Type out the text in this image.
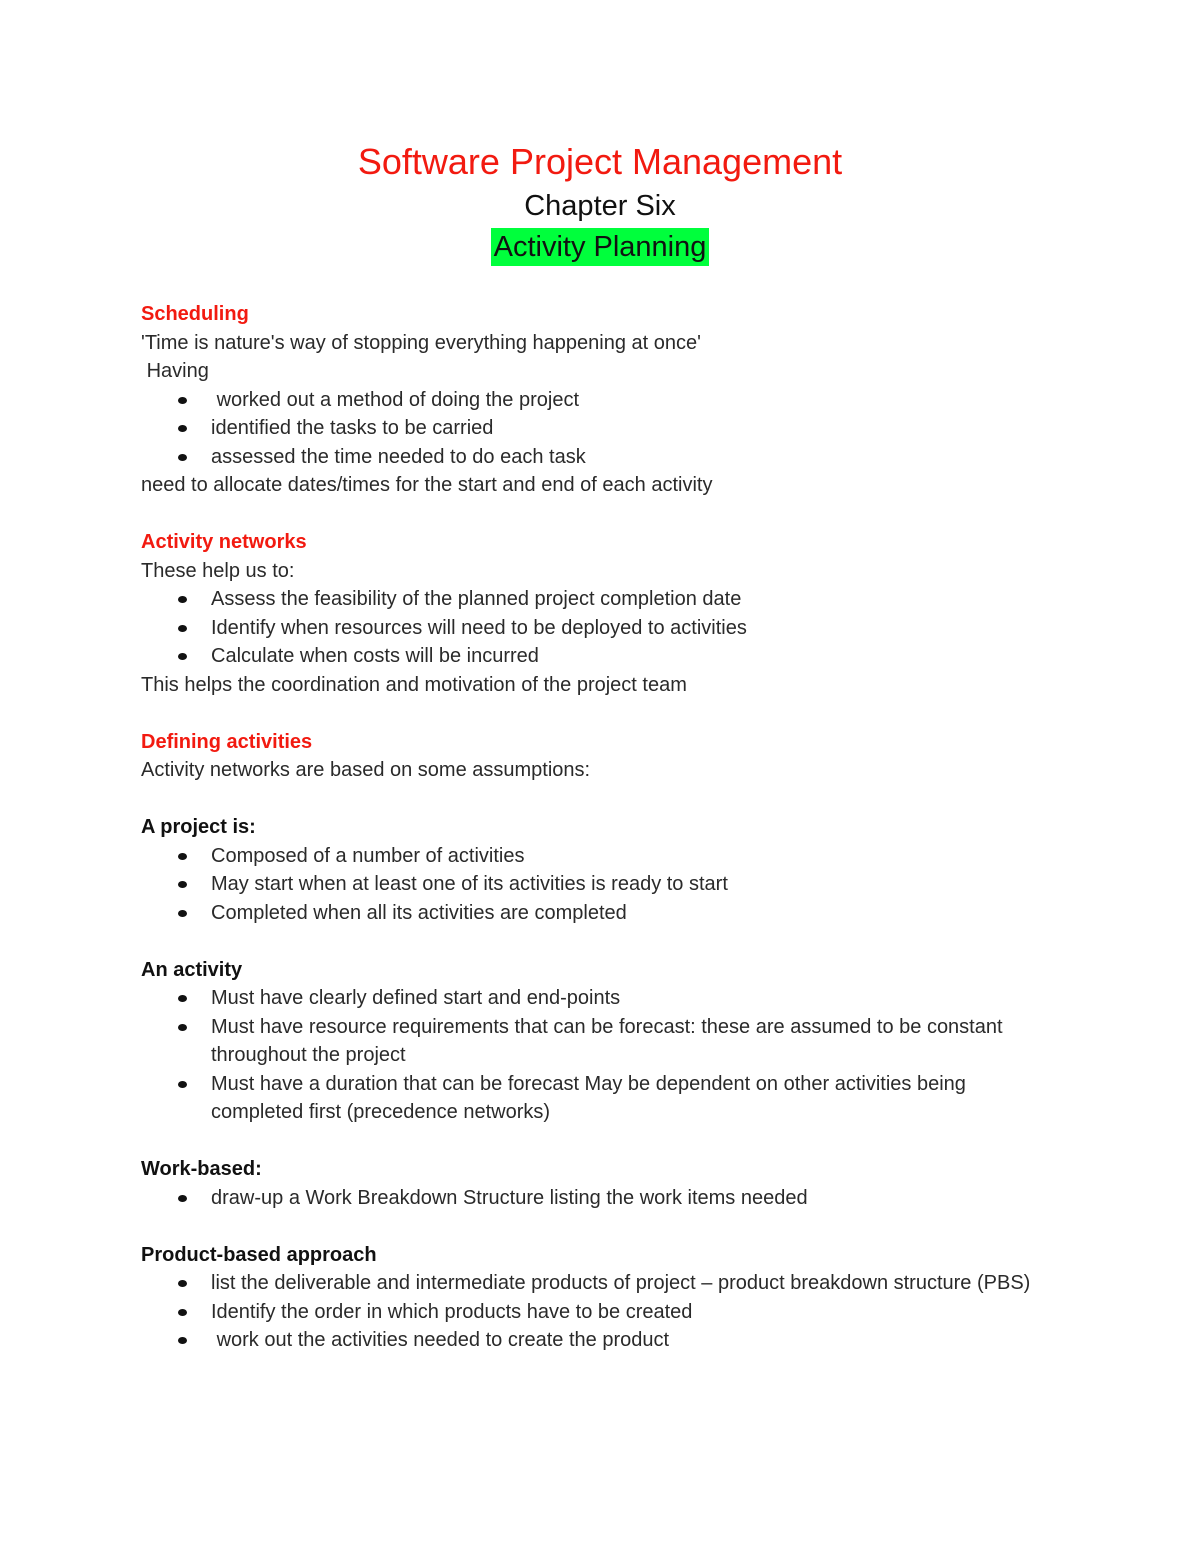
Software Project Management
Chapter Six
Activity Planning
Scheduling
'Time is nature's way of stopping everything happening at once'
Having
worked out a method of doing the project
identified the tasks to be carried
assessed the time needed to do each task
need to allocate dates/times for the start and end of each activity
Activity networks
These help us to:
Assess the feasibility of the planned project completion date
Identify when resources will need to be deployed to activities
Calculate when costs will be incurred
This helps the coordination and motivation of the project team
Defining activities
Activity networks are based on some assumptions:
A project is:
Composed of a number of activities
May start when at least one of its activities is ready to start
Completed when all its activities are completed
An activity
Must have clearly defined start and end-points
Must have resource requirements that can be forecast: these are assumed to be constant throughout the project
Must have a duration that can be forecast May be dependent on other activities being completed first (precedence networks)
Work-based:
draw-up a Work Breakdown Structure listing the work items needed
Product-based approach
list the deliverable and intermediate products of project – product breakdown structure (PBS)
Identify the order in which products have to be created
work out the activities needed to create the product
